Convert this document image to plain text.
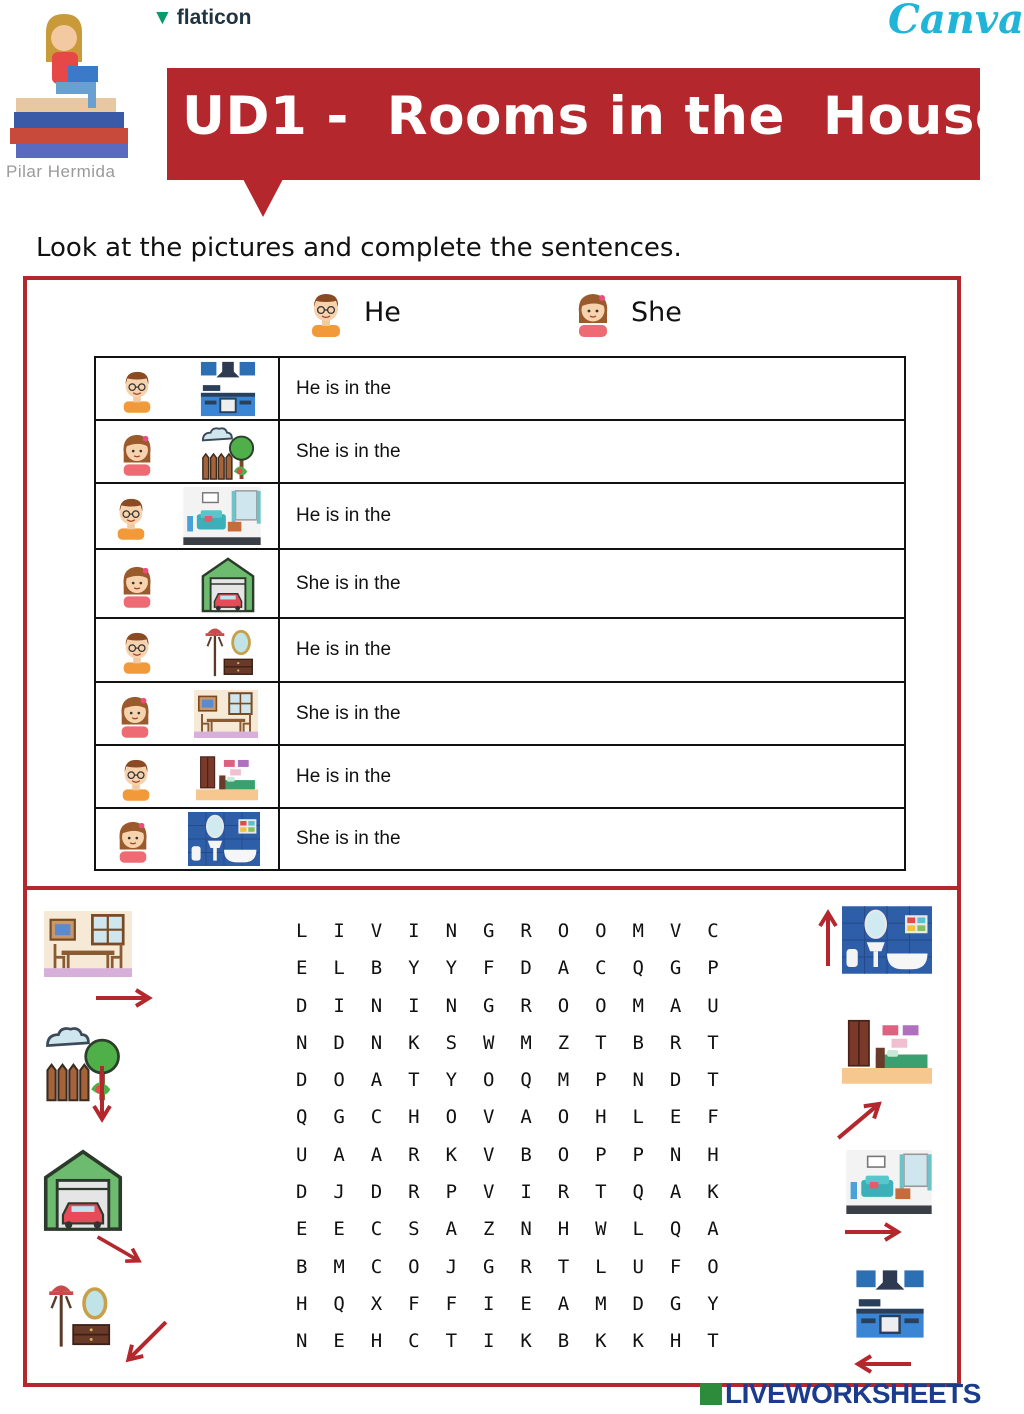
Pilar Hermida
▼ flaticon	Canva
UD1 -  Rooms in the  House
Look at the pictures and complete the sentences.
He	She
	He is in the

	She is in the

	He is in the

	She is in the

	He is in the

	She is in the

	He is in the

	She is in the
L	I	V	I	N	G	R	O	O	M	V	C
E	L	B	Y	Y	F	D	A	C	Q	G	P
D	I	N	I	N	G	R	O	O	M	A	U
N	D	N	K	S	W	M	Z	T	B	R	T
D	O	A	T	Y	O	Q	M	P	N	D	T
Q	G	C	H	O	V	A	O	H	L	E	F
U	A	A	R	K	V	B	O	P	P	N	H
D	J	D	R	P	V	I	R	T	Q	A	K
E	E	C	S	A	Z	N	H	W	L	Q	A
B	M	C	O	J	G	R	T	L	U	F	O
H	Q	X	F	F	I	E	A	M	D	G	Y
N	E	H	C	T	I	K	B	K	K	H	T
LIVEWORKSHEETS
